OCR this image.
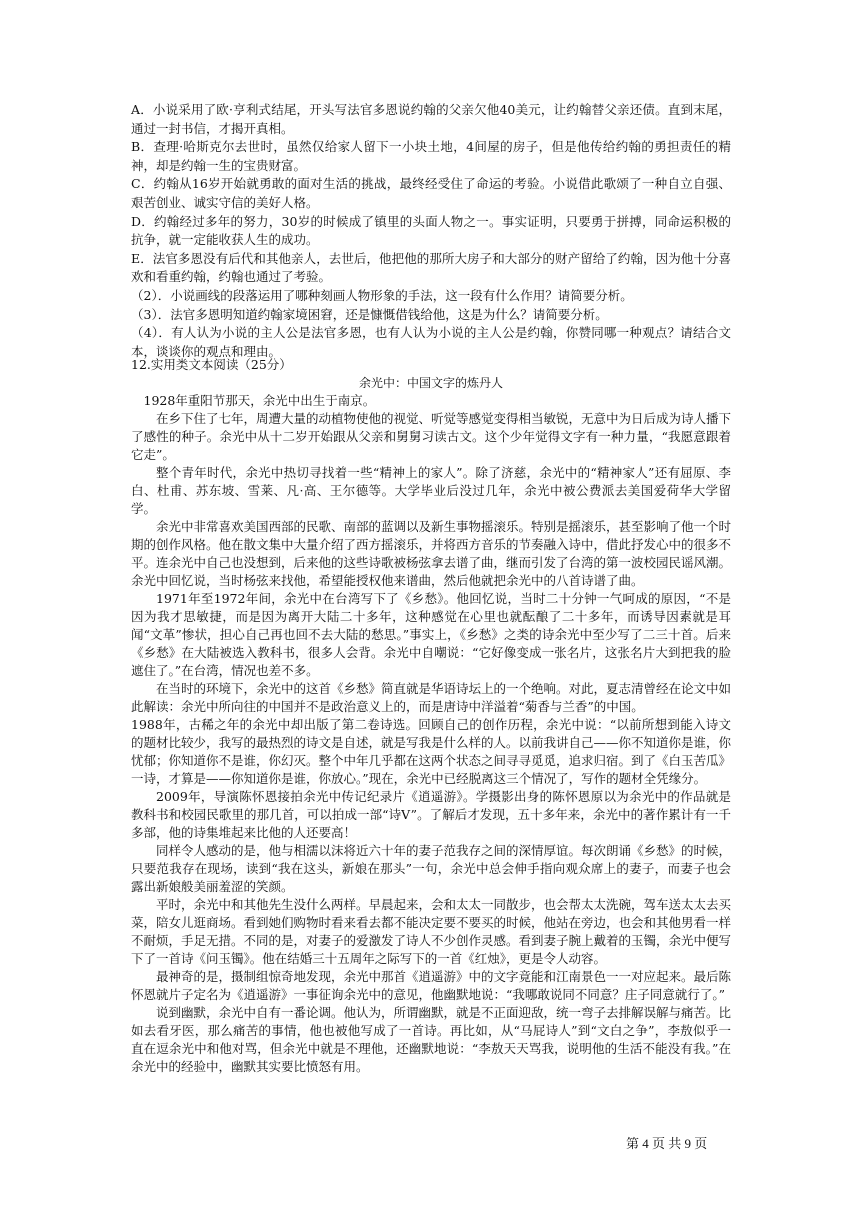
A．小说采用了欧·亨利式结尾，开头写法官多恩说约翰的父亲欠他40美元，让约翰替父亲还债。直到末尾，通过一封书信，才揭开真相。

B．查理·哈斯克尔去世时，虽然仅给家人留下一小块土地，4间屋的房子，但是他传给约翰的勇担责任的精神，却是约翰一生的宝贵财富。

C．约翰从16岁开始就勇敢的面对生活的挑战，最终经受住了命运的考验。小说借此歌颂了一种自立自强、艰苦创业、诚实守信的美好人格。

D．约翰经过多年的努力，30岁的时候成了镇里的头面人物之一。事实证明，只要勇于拼搏，同命运积极的抗争，就一定能收获人生的成功。

E．法官多恩没有后代和其他亲人，去世后，他把他的那所大房子和大部分的财产留给了约翰，因为他十分喜欢和看重约翰，约翰也通过了考验。

（2）．小说画线的段落运用了哪种刻画人物形象的手法，这一段有什么作用？请简要分析。

（3）．法官多恩明知道约翰家境困窘，还是慷慨借钱给他，这是为什么？请简要分析。

（4）．有人认为小说的主人公是法官多恩，也有人认为小说的主人公是约翰，你赞同哪一种观点？请结合文本，谈谈你的观点和理由。

12.实用类文本阅读（25分）

余光中：中国文字的炼丹人

1928年重阳节那天，余光中出生于南京。

在乡下住了七年，周遭大量的动植物使他的视觉、听觉等感觉变得相当敏锐，无意中为日后成为诗人播下了感性的种子。余光中从十二岁开始跟从父亲和舅舅习读古文。这个少年觉得文字有一种力量，“我愿意跟着它走”。

整个青年时代，余光中热切寻找着一些“精神上的家人”。除了济慈，余光中的“精神家人”还有屈原、李白、杜甫、苏东坡、雪莱、凡·高、王尔德等。大学毕业后没过几年，余光中被公费派去美国爱荷华大学留学。

余光中非常喜欢美国西部的民歌、南部的蓝调以及新生事物摇滚乐。特别是摇滚乐，甚至影响了他一个时期的创作风格。他在散文集中大量介绍了西方摇滚乐，并将西方音乐的节奏融入诗中，借此抒发心中的很多不平。连余光中自己也没想到，后来他的这些诗歌被杨弦拿去谱了曲，继而引发了台湾的第一波校园民谣风潮。

余光中回忆说，当时杨弦来找他，希望能授权他来谱曲，然后他就把余光中的八首诗谱了曲。

1971年至1972年间，余光中在台湾写下了《乡愁》。他回忆说，当时二十分钟一气呵成的原因，“不是因为我才思敏捷，而是因为离开大陆二十多年，这种感觉在心里也就酝酿了二十多年，而诱导因素就是耳闻“文革”惨状，担心自己再也回不去大陆的愁思。”事实上，《乡愁》之类的诗余光中至少写了二三十首。后来《乡愁》在大陆被选入教科书，很多人会背。余光中自嘲说：“它好像变成一张名片，这张名片大到把我的脸遮住了。”在台湾，情况也差不多。

在当时的环境下，余光中的这首《乡愁》简直就是华语诗坛上的一个绝响。对此，夏志清曾经在论文中如此解读：余光中所向往的中国并不是政治意义上的，而是唐诗中洋溢着“菊香与兰香”的中国。

1988年，古稀之年的余光中却出版了第二卷诗选。回顾自己的创作历程，余光中说：“以前所想到能入诗文的题材比较少，我写的最热烈的诗文是自述，就是写我是什么样的人。以前我讲自己——你不知道你是谁，你忧郁；你知道你不是谁，你幻灭。整个中年几乎都在这两个状态之间寻寻觅觅，追求归宿。到了《白玉苦瓜》一诗，才算是——你知道你是谁，你放心。”现在，余光中已经脱离这三个情况了，写作的题材全凭缘分。

2009年，导演陈怀恩接拍余光中传记纪录片《逍遥游》。学摄影出身的陈怀恩原以为余光中的作品就是教科书和校园民歌里的那几首，可以拍成一部“诗V”。了解后才发现，五十多年来，余光中的著作累计有一千多部，他的诗集堆起来比他的人还要高！

同样令人感动的是，他与相濡以沫将近六十年的妻子范我存之间的深情厚谊。每次朗诵《乡愁》的时候，只要范我存在现场，读到“我在这头，新娘在那头”一句，余光中总会伸手指向观众席上的妻子，而妻子也会露出新娘般美丽羞涩的笑颜。

平时，余光中和其他先生没什么两样。早晨起来，会和太太一同散步，也会帮太太洗碗，驾车送太太去买菜，陪女儿逛商场。看到她们购物时看来看去都不能决定要不要买的时候，他站在旁边，也会和其他男看一样不耐烦，手足无措。不同的是，对妻子的爱激发了诗人不少创作灵感。看到妻子腕上戴着的玉镯，余光中便写下了一首诗《问玉镯》。他在结婚三十五周年之际写下的一首《红烛》，更是令人动容。

最神奇的是，摄制组惊奇地发现，余光中那首《逍遥游》中的文字竟能和江南景色一一对应起来。最后陈怀恩就片子定名为《逍遥游》一事征询余光中的意见，他幽默地说：“我哪敢说同不同意？庄子同意就行了。”

说到幽默，余光中自有一番论调。他认为，所谓幽默，就是不正面迎敌，统一弯子去排解误解与痛苦。比如去看牙医，那么痛苦的事情，他也被他写成了一首诗。再比如，从“马屁诗人”到“文白之争”，李敖似乎一直在逗余光中和他对骂，但余光中就是不理他，还幽默地说：“李敖天天骂我，说明他的生活不能没有我。”在余光中的经验中，幽默其实要比愤怒有用。

第 4 页 共 9 页
